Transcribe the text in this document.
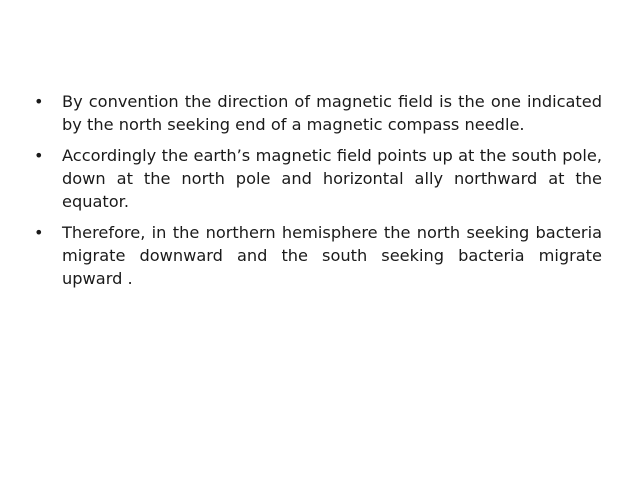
•	By convention the direction of magnetic field is the one indicated by the north seeking end of a magnetic compass needle.
•	Accordingly the earth’s magnetic field points up at the south pole, down at the north pole and horizontal ally northward at the equator.
•	Therefore, in the northern hemisphere the north seeking bacteria migrate downward and the south seeking bacteria migrate upward .
